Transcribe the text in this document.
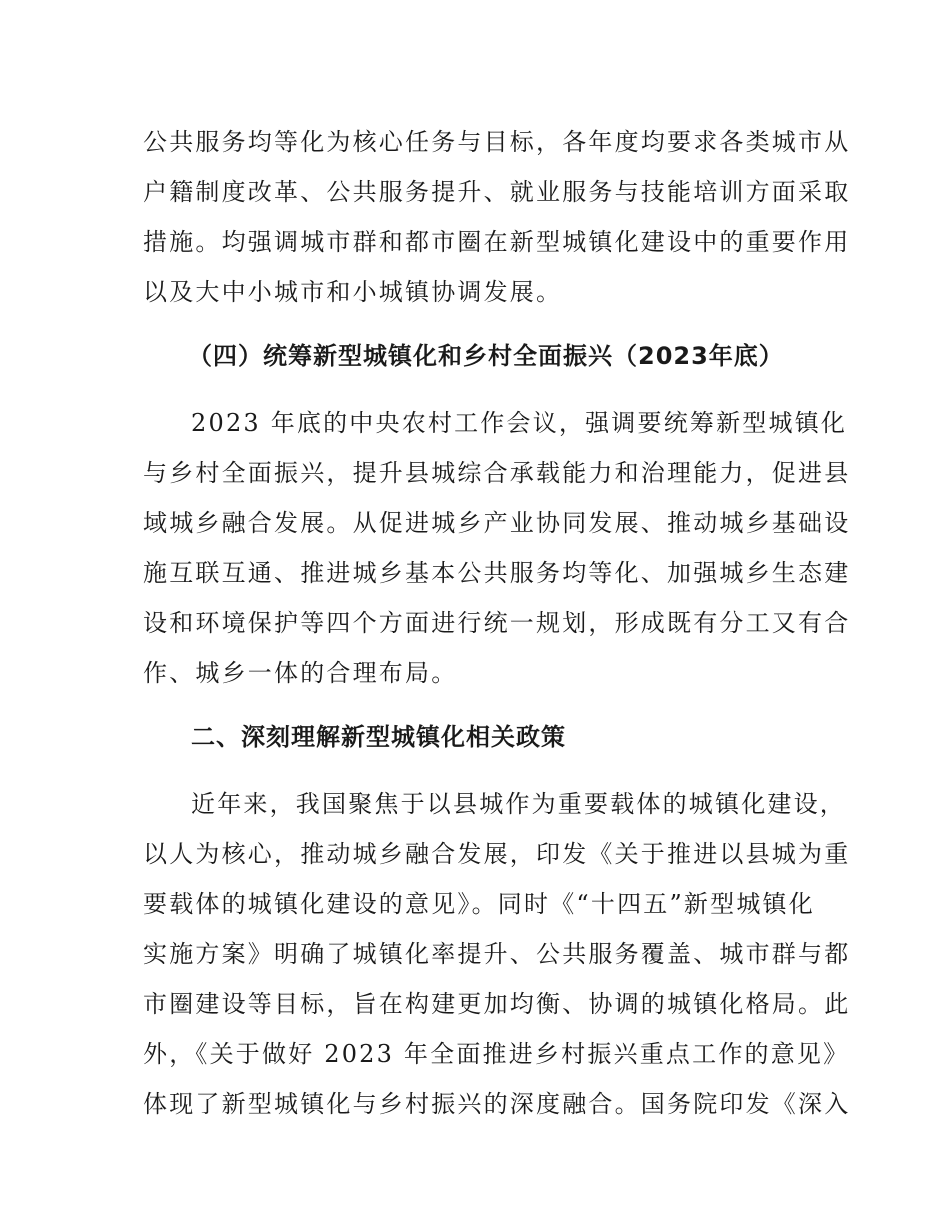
公共服务均等化为核心任务与目标，各年度均要求各类城市从
户籍制度改革、公共服务提升、就业服务与技能培训方面采取
措施。均强调城市群和都市圈在新型城镇化建设中的重要作用
以及大中小城市和小城镇协调发展。
（四）统筹新型城镇化和乡村全面振兴（2023年底）
2023 年底的中央农村工作会议，强调要统筹新型城镇化
与乡村全面振兴，提升县城综合承载能力和治理能力，促进县
域城乡融合发展。从促进城乡产业协同发展、推动城乡基础设
施互联互通、推进城乡基本公共服务均等化、加强城乡生态建
设和环境保护等四个方面进行统一规划，形成既有分工又有合
作、城乡一体的合理布局。
二、深刻理解新型城镇化相关政策
近年来，我国聚焦于以县城作为重要载体的城镇化建设，
以人为核心，推动城乡融合发展，印发《关于推进以县城为重
要载体的城镇化建设的意见》。同时《“十四五”新型城镇化
实施方案》明确了城镇化率提升、公共服务覆盖、城市群与都
市圈建设等目标，旨在构建更加均衡、协调的城镇化格局。此
外，《关于做好 2023 年全面推进乡村振兴重点工作的意见》
体现了新型城镇化与乡村振兴的深度融合。国务院印发《深入
